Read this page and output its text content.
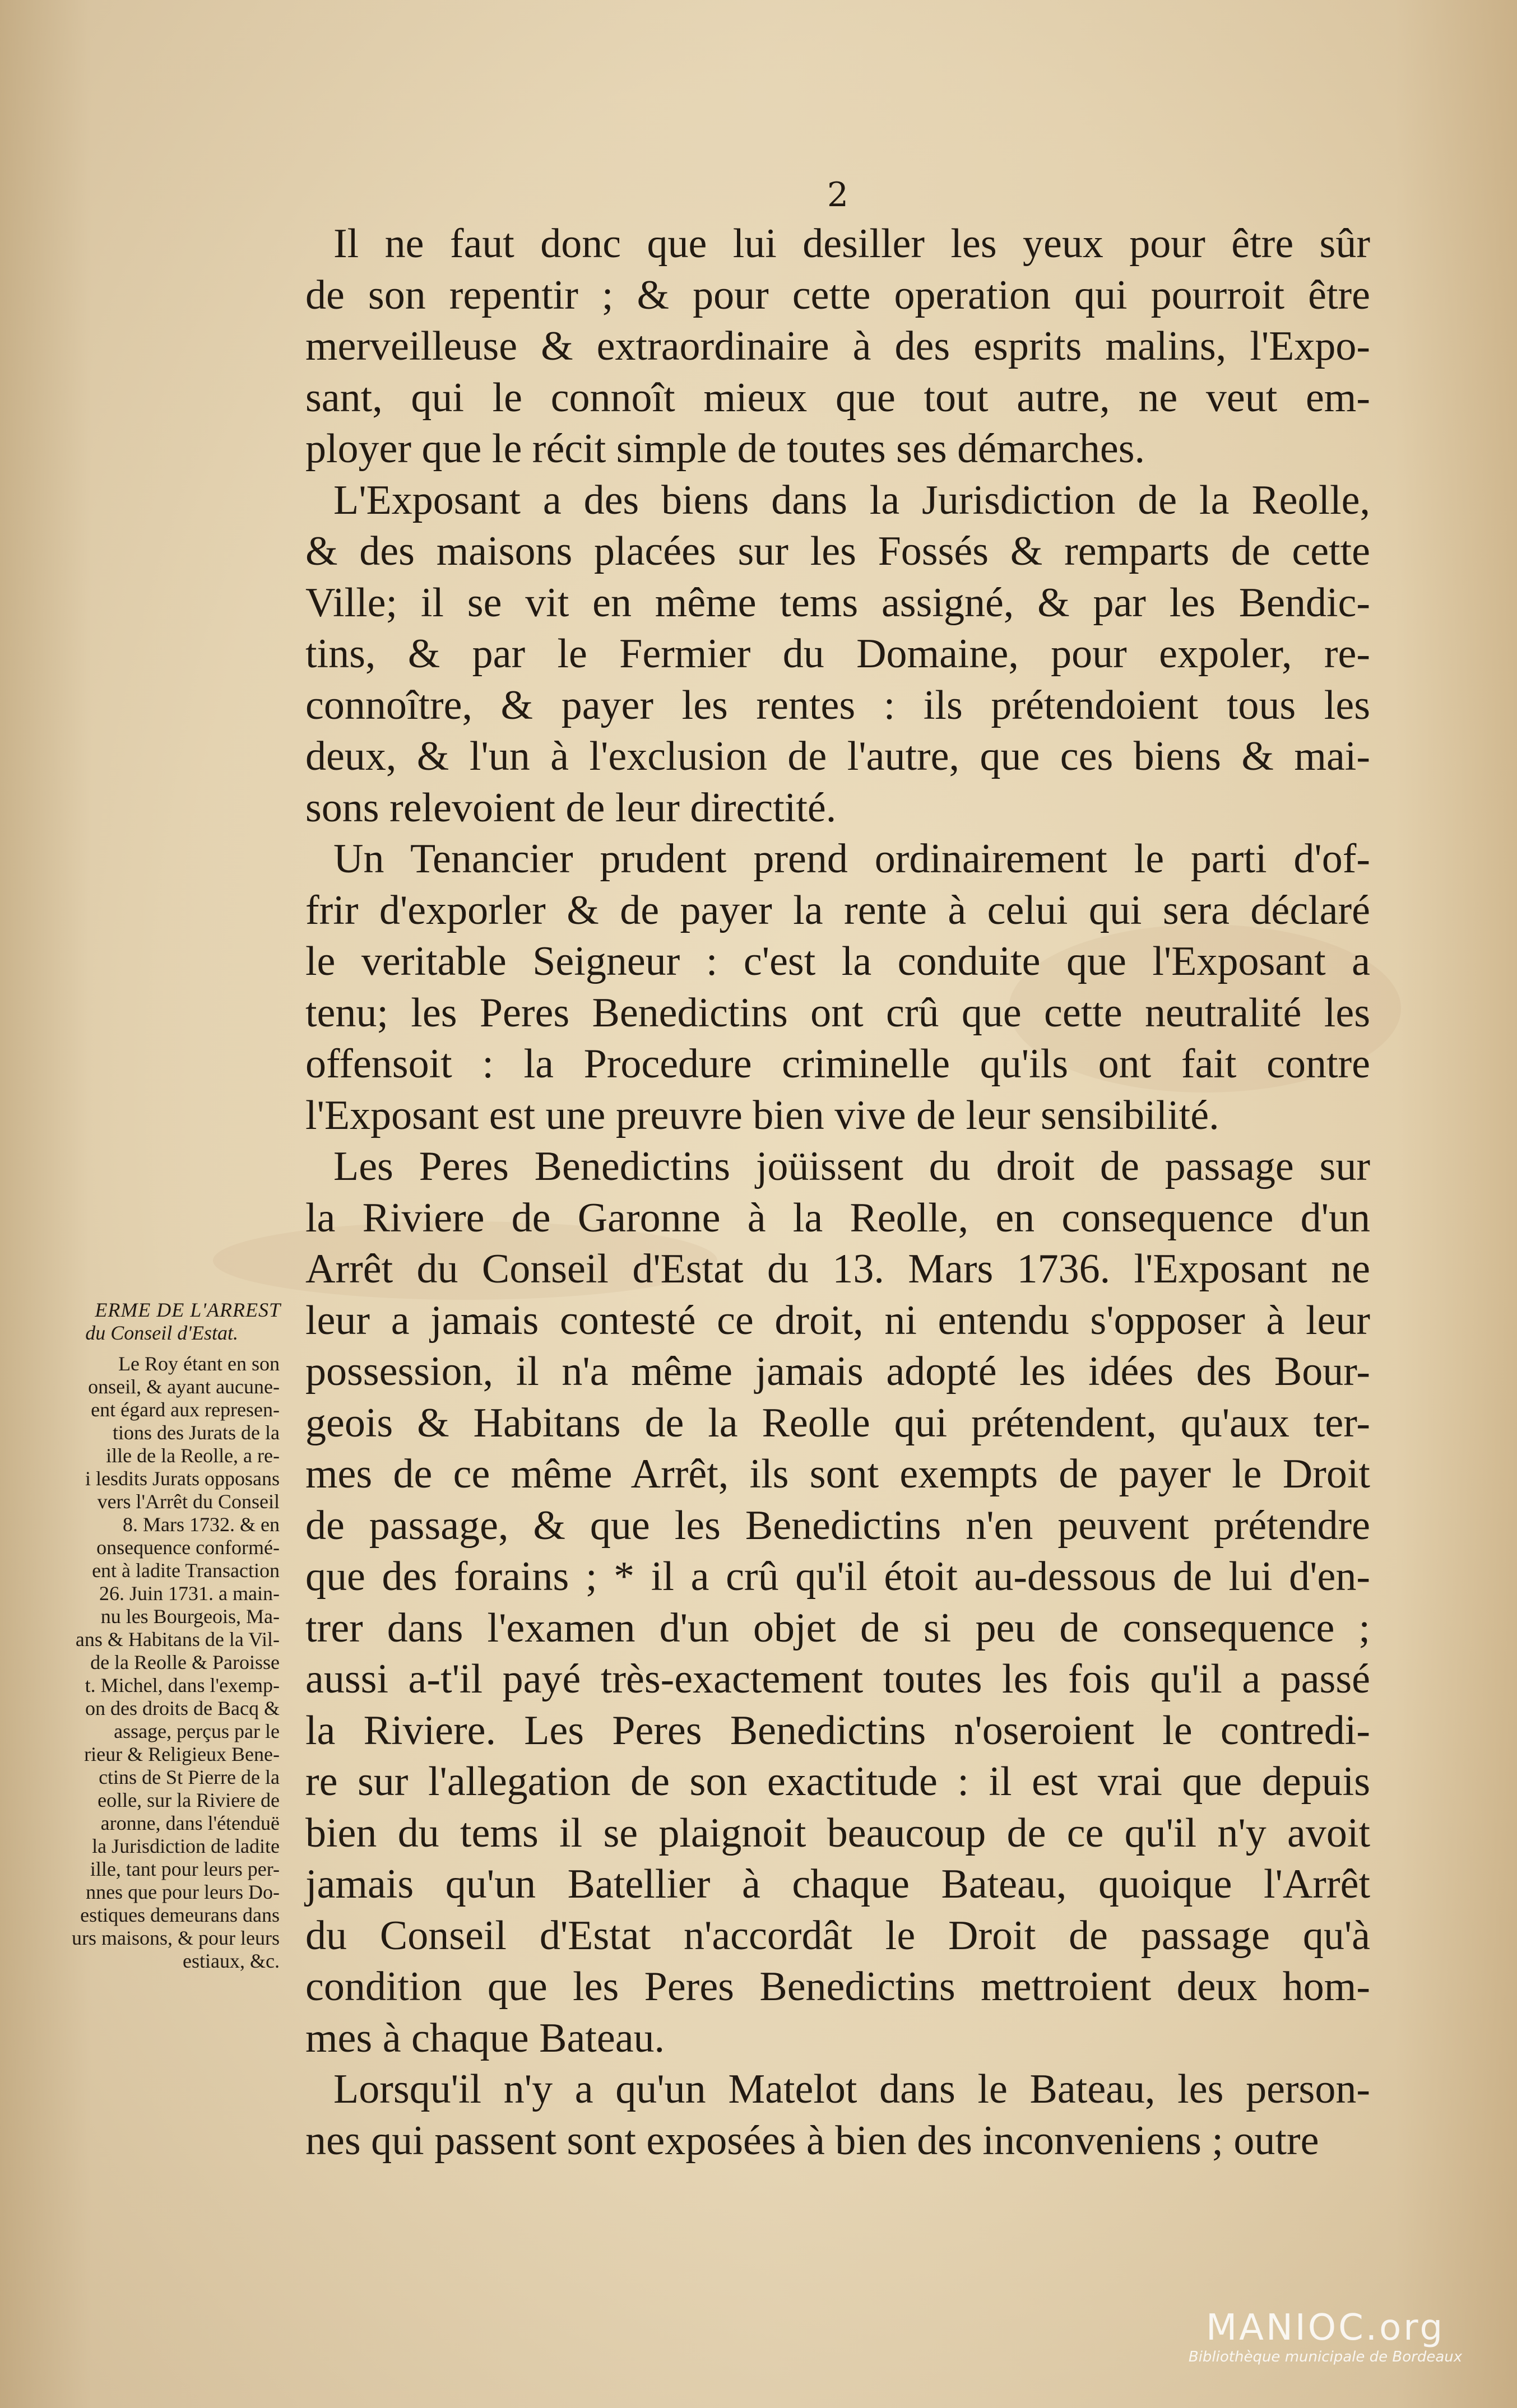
2

Il ne faut donc que lui desiller les yeux pour être sûr

de son repentir ; & pour cette operation qui pourroit être

merveilleuse & extraordinaire à des esprits malins, l'Expo-

sant, qui le connoît mieux que tout autre, ne veut em-

ployer que le récit simple de toutes ses démarches.

L'Exposant a des biens dans la Jurisdiction de la Reolle,

& des maisons placées sur les Fossés & remparts de cette

Ville; il se vit en même tems assigné, & par les Bendic-

tins, & par le Fermier du Domaine, pour expoler, re-

connoître, & payer les rentes : ils prétendoient tous les

deux, & l'un à l'exclusion de l'autre, que ces biens & mai-

sons relevoient de leur directité.

Un Tenancier prudent prend ordinairement le parti d'of-

frir d'exporler & de payer la rente à celui qui sera déclaré

le veritable Seigneur : c'est la conduite que l'Exposant a

tenu; les Peres Benedictins ont crû que cette neutralité les

offensoit : la Procedure criminelle qu'ils ont fait contre

l'Exposant est une preuvre bien vive de leur sensibilité.

Les Peres Benedictins joüissent du droit de passage sur

la Riviere de Garonne à la Reolle, en consequence d'un

Arrêt du Conseil d'Estat du 13. Mars 1736. l'Exposant ne

leur a jamais contesté ce droit, ni entendu s'opposer à leur

possession, il n'a même jamais adopté les idées des Bour-

geois & Habitans de la Reolle qui prétendent, qu'aux ter-

mes de ce même Arrêt, ils sont exempts de payer le Droit

de passage, & que les Benedictins n'en peuvent prétendre

que des forains ; * il a crû qu'il étoit au-dessous de lui d'en-

trer dans l'examen d'un objet de si peu de consequence ;

aussi a-t'il payé très-exactement toutes les fois qu'il a passé

la Riviere. Les Peres Benedictins n'oseroient le contredi-

re sur l'allegation de son exactitude : il est vrai que depuis

bien du tems il se plaignoit beaucoup de ce qu'il n'y avoit

jamais qu'un Batellier à chaque Bateau, quoique l'Arrêt

du Conseil d'Estat n'accordât le Droit de passage qu'à

condition que les Peres Benedictins mettroient deux hom-

mes à chaque Bateau.

Lorsqu'il n'y a qu'un Matelot dans le Bateau, les person-

nes qui passent sont exposées à bien des inconveniens ; outre

ERME DE L'ARREST
du Conseil d'Estat.
Le Roy étant en son
onseil, & ayant aucune-
ent égard aux represen-
tions des Jurats de la
ille de la Reolle, a re-
i lesdits Jurats opposans
vers l'Arrêt du Conseil
8. Mars 1732. & en
onsequence conformé-
ent à ladite Transaction
26. Juin 1731. a main-
nu les Bourgeois, Ma-
ans & Habitans de la Vil-
de la Reolle & Paroisse
t. Michel, dans l'exemp-
on des droits de Bacq &
assage, perçus par le
rieur & Religieux Bene-
ctins de St Pierre de la
eolle, sur la Riviere de
aronne, dans l'étenduë
la Jurisdiction de ladite
ille, tant pour leurs per-
nnes que pour leurs Do-
estiques demeurans dans
urs maisons, & pour leurs
estiaux, &c.
MANIOC.org
Bibliothèque municipale de Bordeaux
